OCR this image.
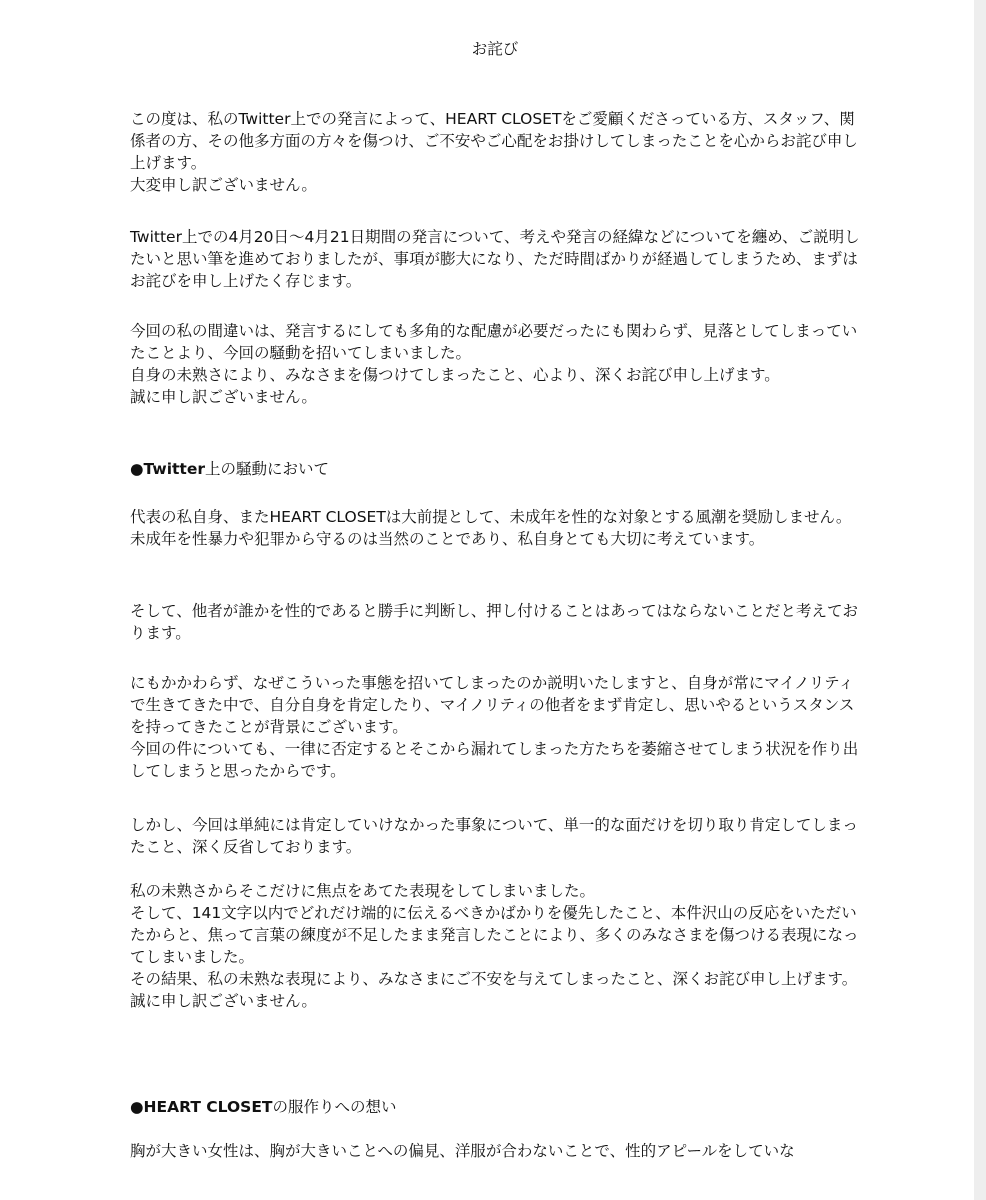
お詫び

この度は、私のTwitter上での発言によって、HEART CLOSETをご愛顧くださっている方、スタッフ、関係者の方、その他多方面の方々を傷つけ、ご不安やご心配をお掛けしてしまったことを心からお詫び申し上げます。
大変申し訳ございません。

Twitter上での4月20日～4月21日期間の発言について、考えや発言の経緯などについてを纏め、ご説明したいと思い筆を進めておりましたが、事項が膨大になり、ただ時間ばかりが経過してしまうため、まずはお詫びを申し上げたく存じます。

今回の私の間違いは、発言するにしても多角的な配慮が必要だったにも関わらず、見落としてしまっていたことより、今回の騒動を招いてしまいました。
自身の未熟さにより、みなさまを傷つけてしまったこと、心より、深くお詫び申し上げます。
誠に申し訳ございません。

●Twitter上の騒動において

代表の私自身、またHEART CLOSETは大前提として、未成年を性的な対象とする風潮を奨励しません。未成年を性暴力や犯罪から守るのは当然のことであり、私自身とても大切に考えています。

そして、他者が誰かを性的であると勝手に判断し、押し付けることはあってはならないことだと考えております。

にもかかわらず、なぜこういった事態を招いてしまったのか説明いたしますと、自身が常にマイノリティで生きてきた中で、自分自身を肯定したり、マイノリティの他者をまず肯定し、思いやるというスタンスを持ってきたことが背景にございます。
今回の件についても、一律に否定するとそこから漏れてしまった方たちを萎縮させてしまう状況を作り出してしまうと思ったからです。

しかし、今回は単純には肯定していけなかった事象について、単一的な面だけを切り取り肯定してしまったこと、深く反省しております。

私の未熟さからそこだけに焦点をあてた表現をしてしまいました。
そして、141文字以内でどれだけ端的に伝えるべきかばかりを優先したこと、本件沢山の反応をいただいたからと、焦って言葉の練度が不足したまま発言したことにより、多くのみなさまを傷つける表現になってしまいました。
その結果、私の未熟な表現により、みなさまにご不安を与えてしまったこと、深くお詫び申し上げます。
誠に申し訳ございません。

●HEART CLOSETの服作りへの想い

胸が大きい女性は、胸が大きいことへの偏見、洋服が合わないことで、性的アピールをしていな
